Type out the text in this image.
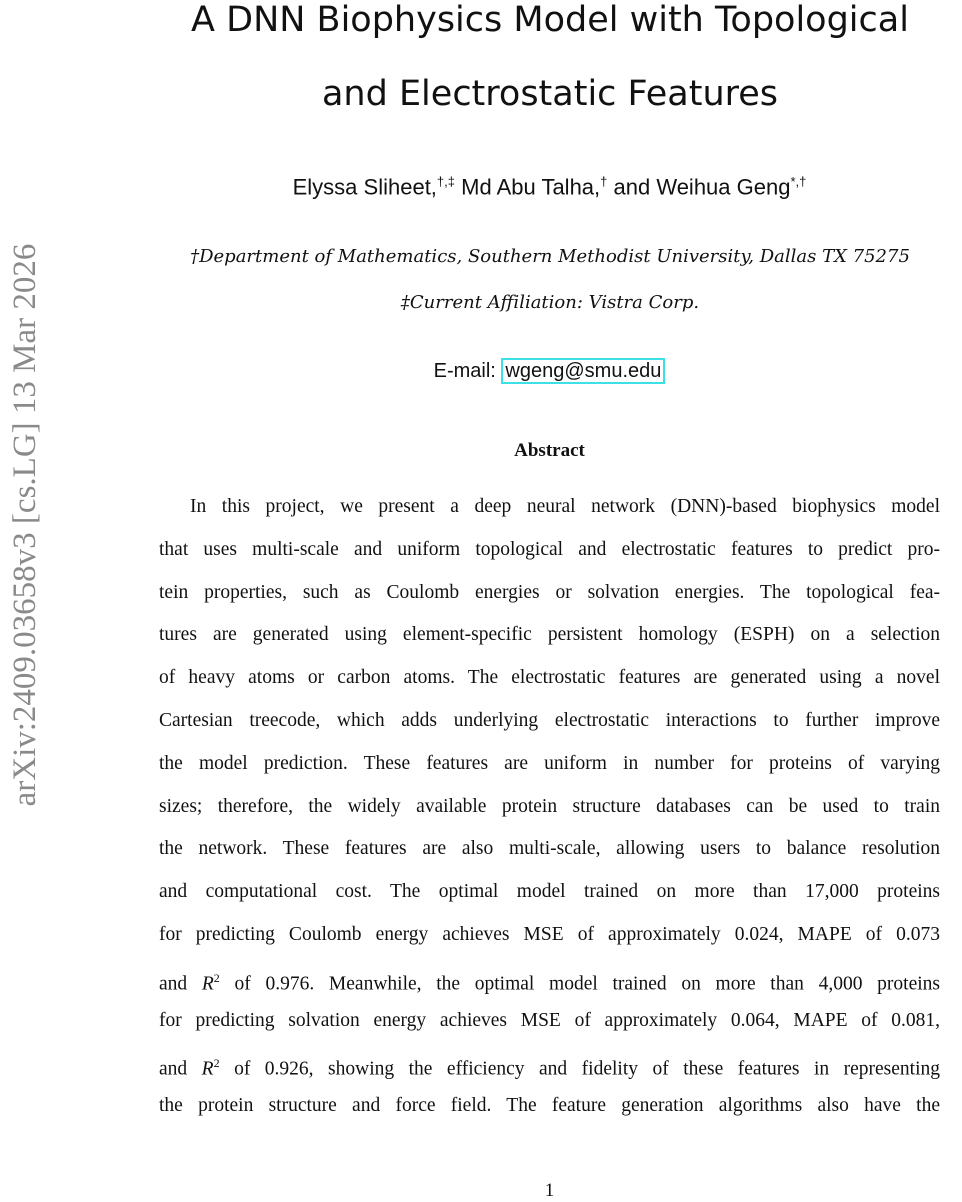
arXiv:2409.03658v3 [cs.LG] 13 Mar 2026
A DNN Biophysics Model with Topological
and Electrostatic Features
Elyssa Sliheet,†,‡ Md Abu Talha,† and Weihua Geng*,†
†Department of Mathematics, Southern Methodist University, Dallas TX 75275
‡Current Affiliation: Vistra Corp.
E-mail: wgeng@smu.edu
Abstract
In this project, we present a deep neural network (DNN)-based biophysics model
that uses multi-scale and uniform topological and electrostatic features to predict pro-
tein properties, such as Coulomb energies or solvation energies. The topological fea-
tures are generated using element-specific persistent homology (ESPH) on a selection
of heavy atoms or carbon atoms. The electrostatic features are generated using a novel
Cartesian treecode, which adds underlying electrostatic interactions to further improve
the model prediction. These features are uniform in number for proteins of varying
sizes; therefore, the widely available protein structure databases can be used to train
the network. These features are also multi-scale, allowing users to balance resolution
and computational cost. The optimal model trained on more than 17,000 proteins
for predicting Coulomb energy achieves MSE of approximately 0.024, MAPE of 0.073
and $R^2$ of 0.976. Meanwhile, the optimal model trained on more than 4,000 proteins
for predicting solvation energy achieves MSE of approximately 0.064, MAPE of 0.081,
and $R^2$ of 0.926, showing the efficiency and fidelity of these features in representing
the protein structure and force field. The feature generation algorithms also have the
1
